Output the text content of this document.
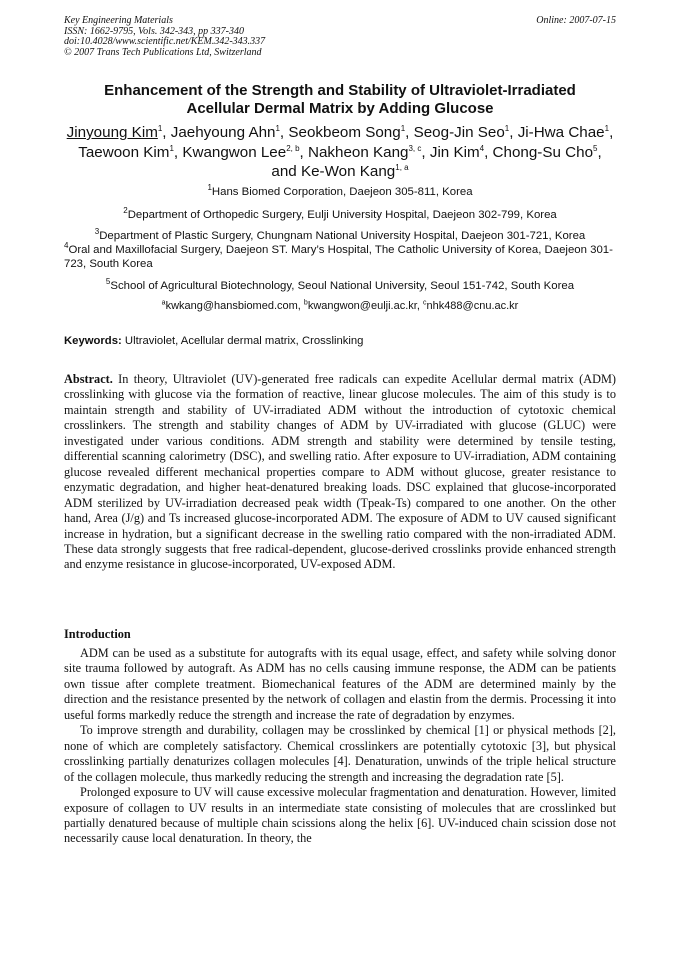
Key Engineering Materials
ISSN: 1662-9795, Vols. 342-343, pp 337-340
doi:10.4028/www.scientific.net/KEM.342-343.337
© 2007 Trans Tech Publications Ltd, Switzerland
Online: 2007-07-15
Enhancement of the Strength and Stability of Ultraviolet-Irradiated
Acellular Dermal Matrix by Adding Glucose
Jinyoung Kim$^1$, Jaehyoung Ahn$^1$, Seokbeom Song$^1$, Seog-Jin Seo$^1$, Ji-Hwa Chae$^1$, Taewoon Kim$^1$, Kwangwon Lee$^{2, b}$, Nakheon Kang$^{3, c}$, Jin Kim$^4$, Chong-Su Cho$^5$, and Ke-Won Kang$^{1, a}$
$^1$Hans Biomed Corporation, Daejeon 305-811, Korea
$^2$Department of Orthopedic Surgery, Eulji University Hospital, Daejeon 302-799, Korea
$^3$Department of Plastic Surgery, Chungnam National University Hospital, Daejeon 301-721, Korea
$^4$Oral and Maxillofacial Surgery, Daejeon ST. Mary’s Hospital, The Catholic University of Korea, Daejeon 301-723, South Korea
$^5$School of Agricultural Biotechnology, Seoul National University, Seoul 151-742, South Korea
$^a$kwkang@hansbiomed.com, $^b$kwangwon@eulji.ac.kr, $^c$nhk488@cnu.ac.kr
Keywords: Ultraviolet, Acellular dermal matrix, Crosslinking
Abstract. In theory, Ultraviolet (UV)-generated free radicals can expedite Acellular dermal matrix (ADM) crosslinking with glucose via the formation of reactive, linear glucose molecules. The aim of this study is to maintain strength and stability of UV-irradiated ADM without the introduction of cytotoxic chemical crosslinkers. The strength and stability changes of ADM by UV-irradiated with glucose (GLUC) were investigated under various conditions. ADM strength and stability were determined by tensile testing, differential scanning calorimetry (DSC), and swelling ratio. After exposure to UV-irradiation, ADM containing glucose revealed different mechanical properties compare to ADM without glucose, greater resistance to enzymatic degradation, and higher heat-denatured breaking loads. DSC explained that glucose-incorporated ADM sterilized by UV-irradiation decreased peak width (Tpeak-Ts) compared to one another. On the other hand, Area (J/g) and Ts increased glucose-incorporated ADM. The exposure of ADM to UV caused significant increase in hydration, but a significant decrease in the swelling ratio compared with the non-irradiated ADM. These data strongly suggests that free radical-dependent, glucose-derived crosslinks provide enhanced strength and enzyme resistance in glucose-incorporated, UV-exposed ADM.
Introduction

ADM can be used as a substitute for autografts with its equal usage, effect, and safety while solving donor site trauma followed by autograft. As ADM has no cells causing immune response, the ADM can be patients own tissue after complete treatment. Biomechanical features of the ADM are determined mainly by the direction and the resistance presented by the network of collagen and elastin from the dermis. Processing it into useful forms markedly reduce the strength and increase the rate of degradation by enzymes.

To improve strength and durability, collagen may be crosslinked by chemical [1] or physical methods [2], none of which are completely satisfactory. Chemical crosslinkers are potentially cytotoxic [3], but physical crosslinking partially denaturizes collagen molecules [4]. Denaturation, unwinds of the triple helical structure of the collagen molecule, thus markedly reducing the strength and increasing the degradation rate [5].

Prolonged exposure to UV will cause excessive molecular fragmentation and denaturation. However, limited exposure of collagen to UV results in an intermediate state consisting of molecules that are crosslinked but partially denatured because of multiple chain scissions along the helix [6]. UV-induced chain scission dose not necessarily cause local denaturation. In theory, the
